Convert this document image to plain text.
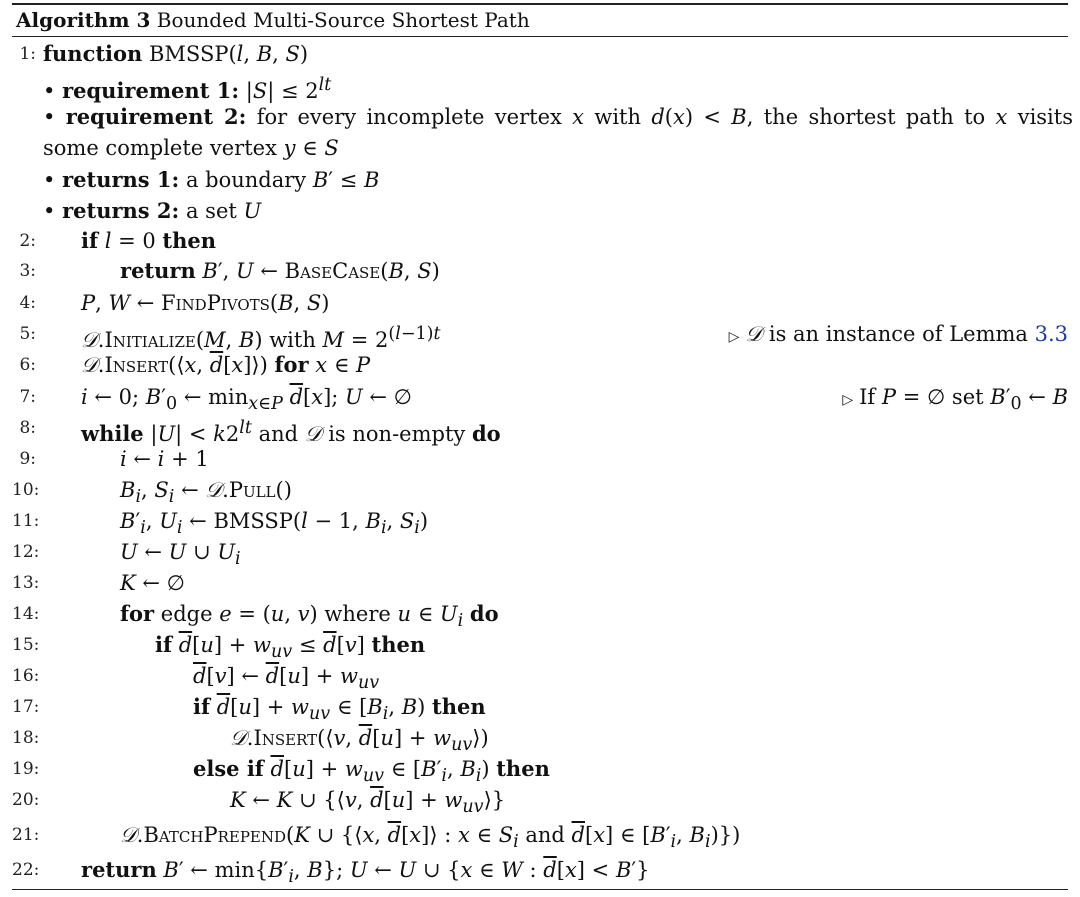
Algorithm 3 Bounded Multi-Source Shortest Path
1: function BMSSP(l, B, S)
• requirement 1: $|S| \le 2^{lt}$
• requirement 2: for every incomplete vertex x with d(x) < B, the shortest path to x visits some complete vertex y ∈ S
• returns 1: a boundary B′ ≤ B
• returns 2: a set U
2: if l = 0 then
3:	return B′, U ← BaseCase(B, S)
4: P, W ← FindPivots(B, S)
5: 𝒟.Initialize(M, B) with $M = 2^{(l-1)t}$	▷ 𝒟 is an instance of Lemma 3.3
6: 𝒟.Insert(⟨x, $\overline{d}[x]⟩$) for x ∈ P
7: i ← 0; $B'_0$ ← $\min_{x\in P} \overline{d}[x]$; U ← ∅	▷ If P = ∅ set $B'_0$ ← B
8: while $|U| < k2^{lt}$ and 𝒟 is non-empty do
9:	i ← i + 1
10:	$B_i$, $S_i$ ← 𝒟.Pull()
11:	$B'_i$, $U_i$ ← BMSSP(l − 1, $B_i$, $S_i$)
12:	U ← U ∪ $U_i$
13:	K ← ∅
14:	for edge e = (u, v) where u ∈ $U_i$ do
15:	if $\overline{d}[u] + w_{uv} \le \overline{d}[v]$ then
16:	$\overline{d}[v]$ ← $\overline{d}[u] + w_{uv}$
17:	if $\overline{d}[u] + w_{uv}$ ∈ [$B_i$, B) then
18:	𝒟.Insert(⟨v, $\overline{d}[u]$ + $w_{uv}⟩$)
19:	else if $\overline{d}[u] + w_{uv}$ ∈ [$B'_i$, $B_i$) then
20:	K ← K ∪ {⟨v, $\overline{d}[u]$ + $w_{uv}⟩$}
21:	𝒟.BatchPrepend(K ∪ {⟨x, $\overline{d}[x]⟩$ : x ∈ $S_i$ and $\overline{d}[x]$ ∈ [$B'_i$, $B_i$)})
22: return B′ ← $\min\{B'_i$, B}; U ← U ∪ {x ∈ W : $\overline{d}[x] < B'$}
